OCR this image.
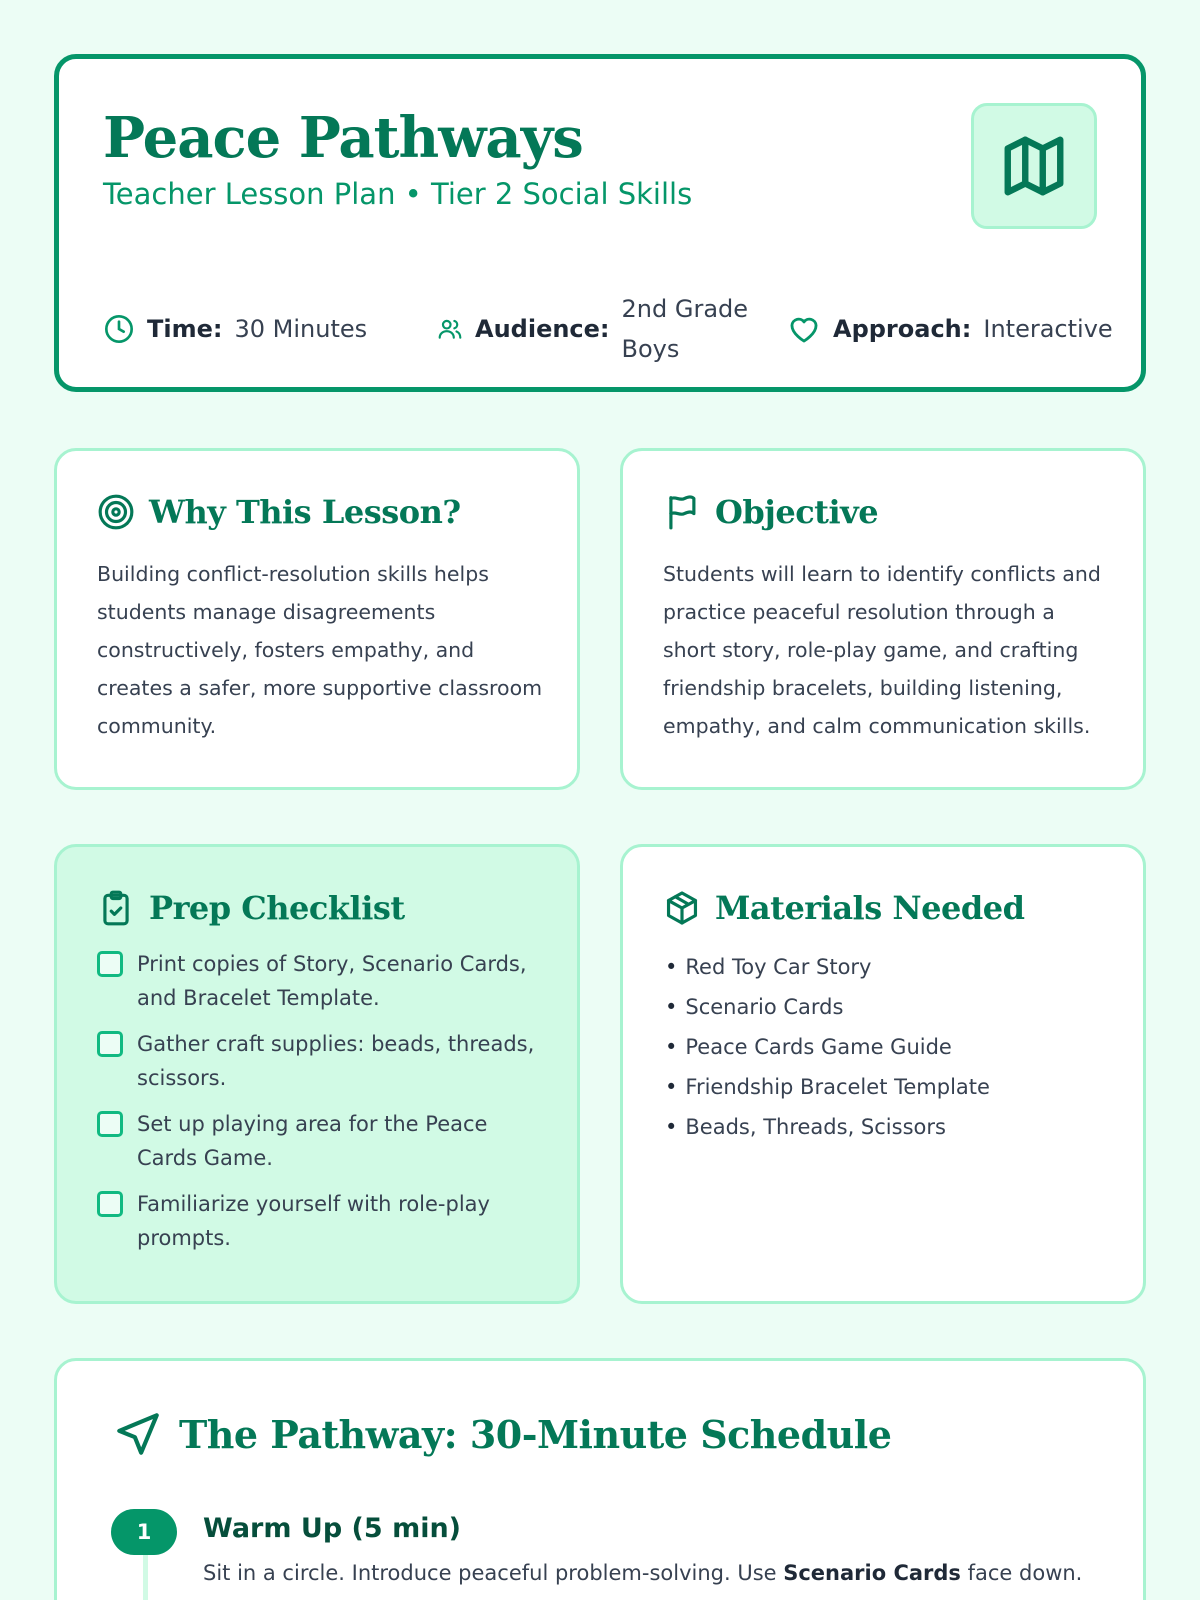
Peace Pathways
Teacher Lesson Plan • Tier 2 Social Skills
Time: 30 Minutes	Audience:
2nd Grade Boys
Approach: Interactive
Why This Lesson?

Building conflict-resolution skills helps students manage disagreements constructively, fosters empathy, and creates a safer, more supportive classroom community.

Objective

Students will learn to identify conflicts and practice peaceful resolution through a short story, role-play game, and crafting friendship bracelets, building listening, empathy, and calm communication skills.

Prep Checklist
Print copies of Story, Scenario Cards, and Bracelet Template.
Gather craft supplies: beads, threads, scissors.
Set up playing area for the Peace Cards Game.
Familiarize yourself with role-play prompts.
Materials Needed
• Red Toy Car Story
• Scenario Cards
• Peace Cards Game Guide
• Friendship Bracelet Template
• Beads, Threads, Scissors
The Pathway: 30-Minute Schedule
1	Warm Up (5 min)
Sit in a circle. Introduce peaceful problem-solving. Use Scenario Cards face down.
